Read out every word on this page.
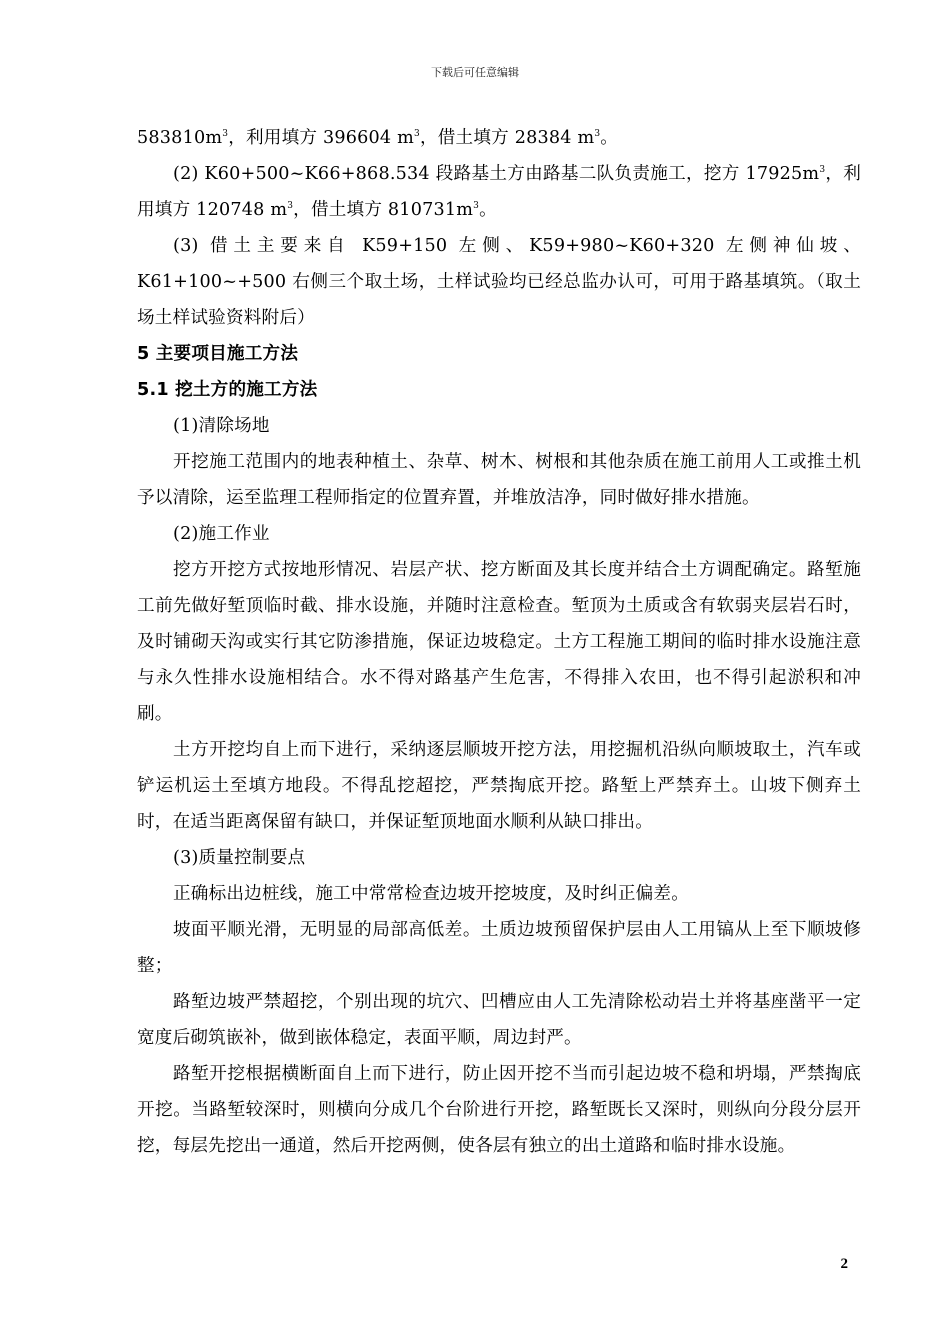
下载后可任意编辑

$583810m^3$，利用填方 396604 $m^3$，借土填方 28384 $m^3$。

(2) K60+500~K66+868.534 段路基土方由路基二队负责施工，挖方 $17925m^3$，利用填方 120748 $m^3$，借土填方 $810731m^3$。

(3) 借土主要来自 K59+150 左侧、K59+980~K60+320 左侧神仙坡、K61+100~+500 右侧三个取土场，土样试验均已经总监办认可，可用于路基填筑。（取土场土样试验资料附后）

5 主要项目施工方法

5.1 挖土方的施工方法

(1)清除场地

开挖施工范围内的地表种植土、杂草、树木、树根和其他杂质在施工前用人工或推土机予以清除，运至监理工程师指定的位置弃置，并堆放洁净，同时做好排水措施。

(2)施工作业

挖方开挖方式按地形情况、岩层产状、挖方断面及其长度并结合土方调配确定。路堑施工前先做好堑顶临时截、排水设施，并随时注意检查。堑顶为土质或含有软弱夹层岩石时，及时铺砌天沟或实行其它防渗措施，保证边坡稳定。土方工程施工期间的临时排水设施注意与永久性排水设施相结合。水不得对路基产生危害，不得排入农田，也不得引起淤积和冲刷。

土方开挖均自上而下进行，采纳逐层顺坡开挖方法，用挖掘机沿纵向顺坡取土，汽车或铲运机运土至填方地段。不得乱挖超挖，严禁掏底开挖。路堑上严禁弃土。山坡下侧弃土时，在适当距离保留有缺口，并保证堑顶地面水顺利从缺口排出。

(3)质量控制要点

正确标出边桩线，施工中常常检查边坡开挖坡度，及时纠正偏差。

坡面平顺光滑，无明显的局部高低差。土质边坡预留保护层由人工用镐从上至下顺坡修整；

路堑边坡严禁超挖，个别出现的坑穴、凹槽应由人工先清除松动岩土并将基座凿平一定宽度后砌筑嵌补，做到嵌体稳定，表面平顺，周边封严。

路堑开挖根据横断面自上而下进行，防止因开挖不当而引起边坡不稳和坍塌，严禁掏底开挖。当路堑较深时，则横向分成几个台阶进行开挖，路堑既长又深时，则纵向分段分层开挖，每层先挖出一通道，然后开挖两侧，使各层有独立的出土道路和临时排水设施。

2
